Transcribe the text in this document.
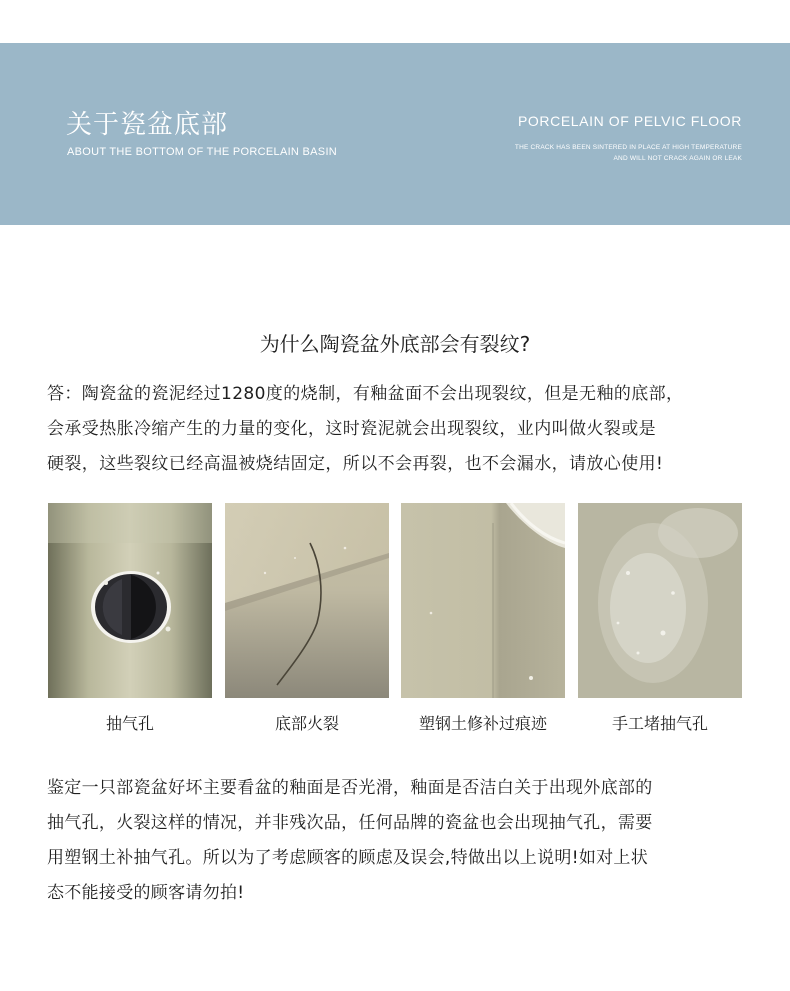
关于瓷盆底部
ABOUT THE BOTTOM OF THE PORCELAIN BASIN
PORCELAIN OF PELVIC FLOOR
THE CRACK HAS BEEN SINTERED IN PLACE AT HIGH TEMPERATURE
AND WILL NOT CRACK AGAIN OR LEAK
为什么陶瓷盆外底部会有裂纹?

答：陶瓷盆的瓷泥经过1280度的烧制，有釉盆面不会出现裂纹，但是无釉的底部，

会承受热胀冷缩产生的力量的变化，这时瓷泥就会出现裂纹，业内叫做火裂或是

硬裂，这些裂纹已经高温被烧结固定，所以不会再裂，也不会漏水，请放心使用!

抽气孔	底部火裂	塑钢土修补过痕迹	手工堵抽气孔

鉴定一只部瓷盆好坏主要看盆的釉面是否光滑，釉面是否洁白关于出现外底部的

抽气孔，火裂这样的情况，并非残次品，任何品牌的瓷盆也会出现抽气孔，需要

用塑钢土补抽气孔。所以为了考虑顾客的顾虑及误会,特做出以上说明!如对上状

态不能接受的顾客请勿拍!
